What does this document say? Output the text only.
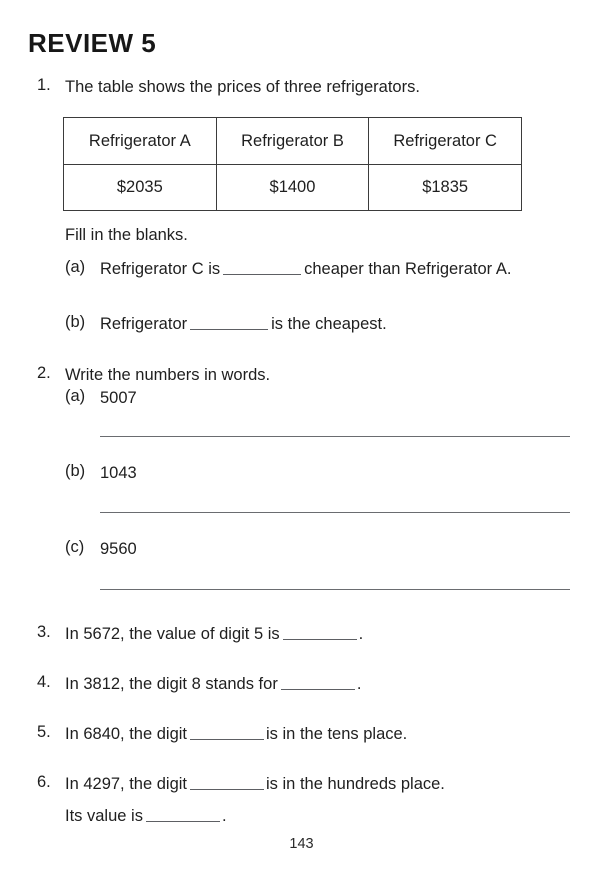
REVIEW 5
1. The table shows the prices of three refrigerators.
Refrigerator A	Refrigerator B	Refrigerator C
$2035	$1400	$1835
Fill in the blanks.
(a) Refrigerator C is	cheaper than Refrigerator A.
(b) Refrigerator	is the cheapest.
2. Write the numbers in words.
(a) 5007
(b) 1043
(c) 9560
3. In 5672, the value of digit 5 is	.
4. In 3812, the digit 8 stands for	.
5. In 6840, the digit	is in the tens place.
6. In 4297, the digit	is in the hundreds place.
Its value is	.
143
